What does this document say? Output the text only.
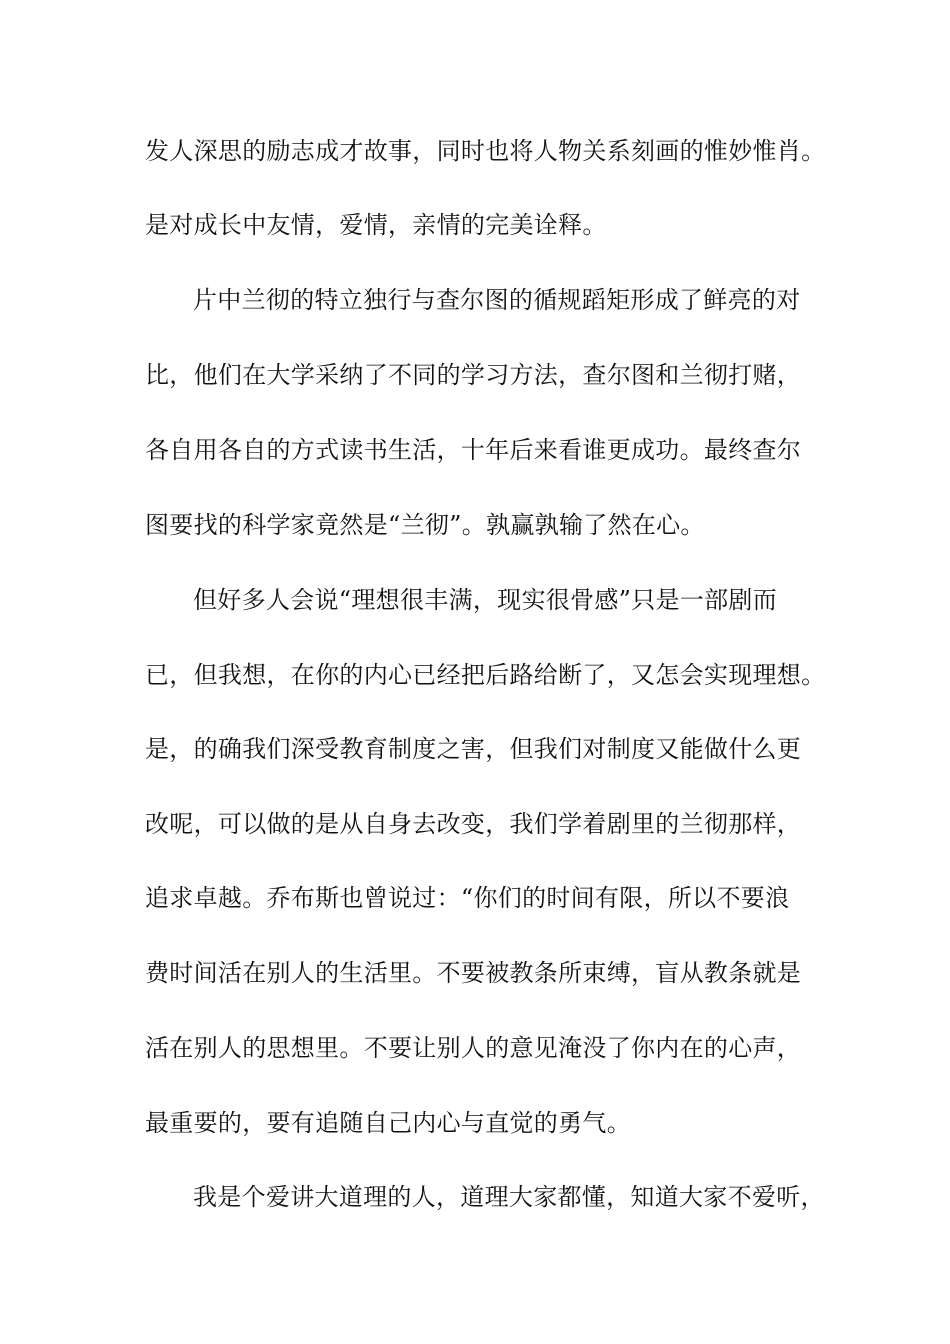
发人深思的励志成才故事，同时也将人物关系刻画的惟妙惟肖。
是对成长中友情，爱情，亲情的完美诠释。
片中兰彻的特立独行与查尔图的循规蹈矩形成了鲜亮的对
比，他们在大学采纳了不同的学习方法，查尔图和兰彻打赌，
各自用各自的方式读书生活，十年后来看谁更成功。最终查尔
图要找的科学家竟然是“兰彻”。孰赢孰输了然在心。
但好多人会说“理想很丰满，现实很骨感”只是一部剧而
已，但我想，在你的内心已经把后路给断了，又怎会实现理想。
是，的确我们深受教育制度之害，但我们对制度又能做什么更
改呢，可以做的是从自身去改变，我们学着剧里的兰彻那样，
追求卓越。乔布斯也曾说过：“你们的时间有限，所以不要浪
费时间活在别人的生活里。不要被教条所束缚，盲从教条就是
活在别人的思想里。不要让别人的意见淹没了你内在的心声，
最重要的，要有追随自己内心与直觉的勇气。
我是个爱讲大道理的人，道理大家都懂，知道大家不爱听，
